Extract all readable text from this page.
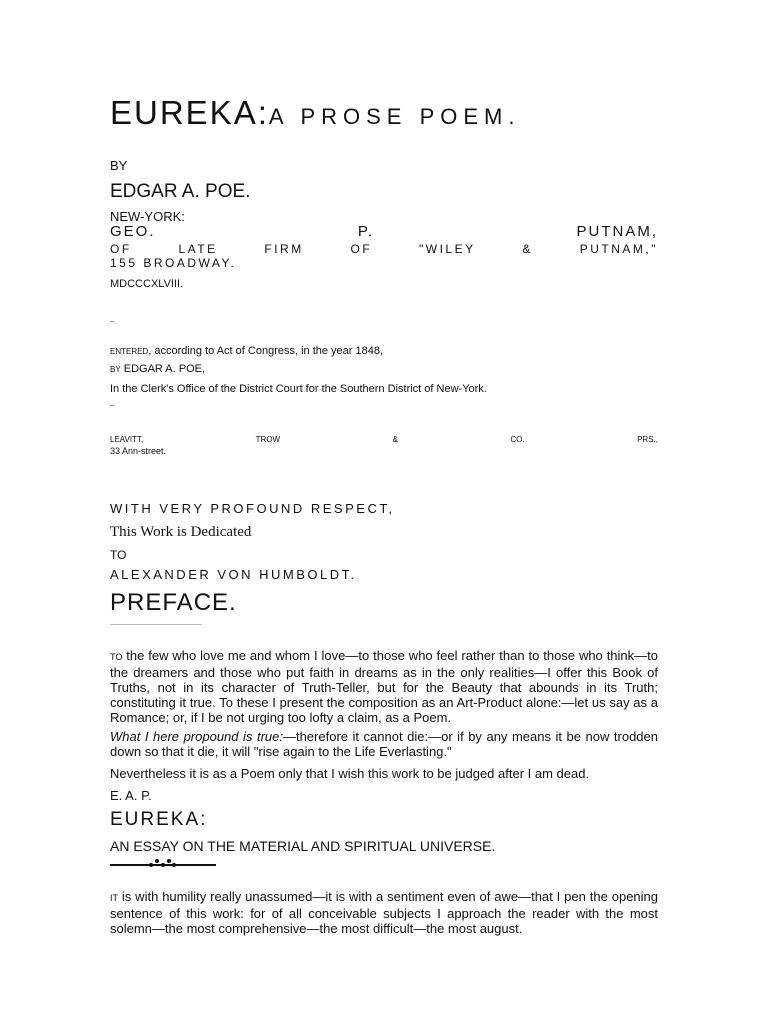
EUREKA:A PROSE POEM.
BY
EDGAR A. POE.
NEW-YORK:
GEO.	P.	PUTNAM,
OF	LATE	FIRM	OF	"WILEY	&	PUTNAM,"
155 BROADWAY.
MDCCCXLVIII.
_
ENTERED, according to Act of Congress, in the year 1848,
BY EDGAR A. POE,
In the Clerk's Office of the District Court for the Southern District of New-York.
_
LEAVITT,	TROW	&	CO.	PRS.,
33 Ann-street.
WITH VERY PROFOUND RESPECT,
This Work is Dedicated
TO
ALEXANDER VON HUMBOLDT.
PREFACE.

TO the few who love me and whom I love—to those who feel rather than to those who think—to the dreamers and those who put faith in dreams as in the only realities—I offer this Book of Truths, not in its character of Truth-Teller, but for the Beauty that abounds in its Truth; constituting it true. To these I present the composition as an Art-Product alone:—let us say as a Romance; or, if I be not urging too lofty a claim, as a Poem.

What I here propound is true:—therefore it cannot die:—or if by any means it be now trodden down so that it die, it will "rise again to the Life Everlasting."

Nevertheless it is as a Poem only that I wish this work to be judged after I am dead.

E. A. P.
EUREKA:
AN ESSAY ON THE MATERIAL AND SPIRITUAL UNIVERSE.

IT is with humility really unassumed—it is with a sentiment even of awe—that I pen the opening sentence of this work: for of all conceivable subjects I approach the reader with the most solemn—the most comprehensive—the most difficult—the most august.
